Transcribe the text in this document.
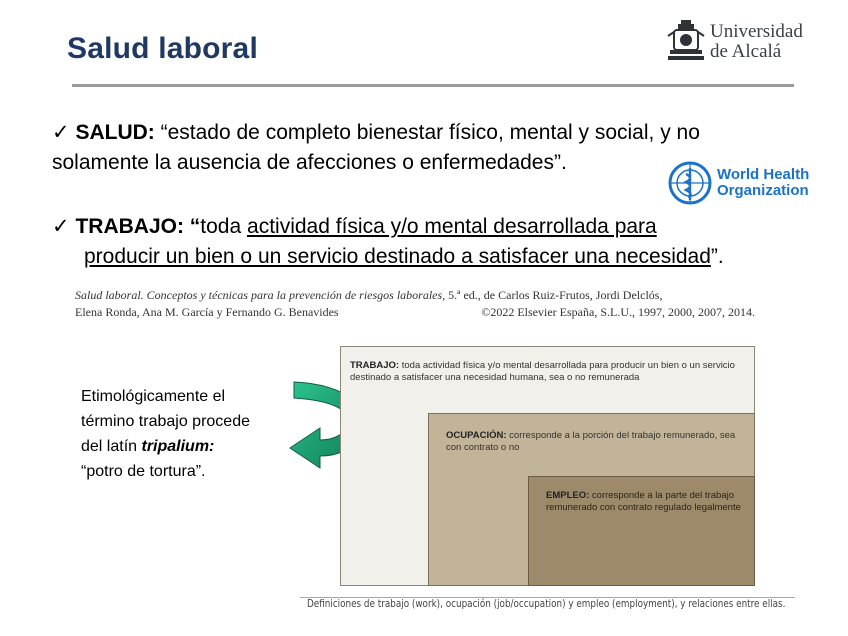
Salud laboral
Universidad
de Alcalá
✓ SALUD: “estado de completo bienestar físico, mental y social, y no
solamente la ausencia de afecciones o enfermedades”.
World Health
Organization
✓ TRABAJO: “toda actividad física y/o mental desarrollada para
producir un bien o un servicio destinado a satisfacer una necesidad”.
Salud laboral. Conceptos y técnicas para la prevención de riesgos laborales, 5.ª ed., de Carlos Ruiz-Frutos, Jordi Delclós,
Elena Ronda, Ana M. García y Fernando G. Benavides	©2022 Elsevier España, S.L.U., 1997, 2000, 2007, 2014.
Etimológicamente el
término trabajo procede
del latín tripalium:
“potro de tortura”.
TRABAJO: toda actividad física y/o mental desarrollada para producir un bien o un servicio destinado a satisfacer una necesidad humana, sea o no remunerada
OCUPACIÓN: corresponde a la porción del trabajo remunerado, sea con contrato o no
EMPLEO: corresponde a la parte del trabajo remunerado con contrato regulado legalmente
Definiciones de trabajo (work), ocupación (job/occupation) y empleo (employment), y relaciones entre ellas.
